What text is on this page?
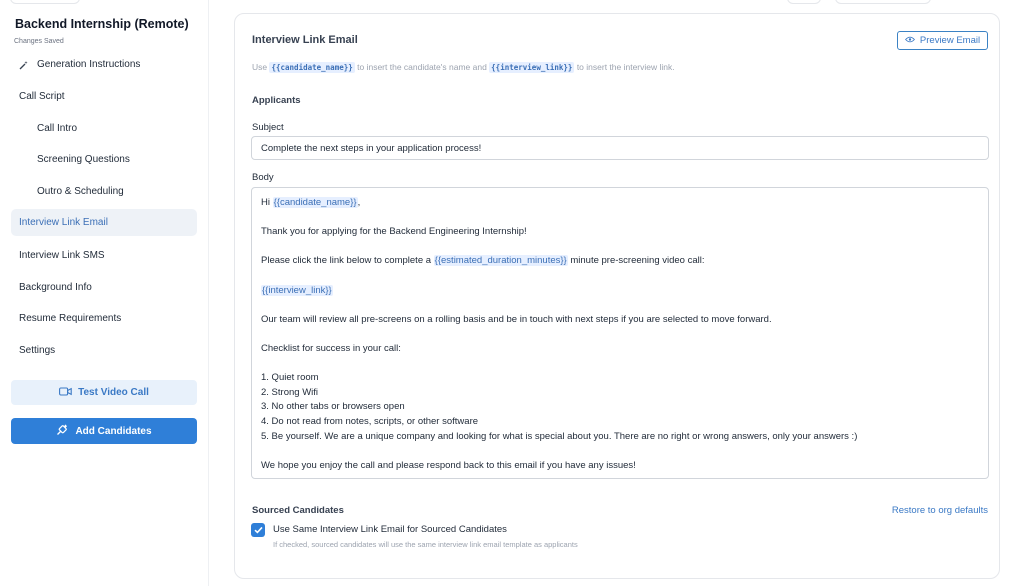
Backend Internship (Remote)
Changes Saved
Generation Instructions
Call Script
Call Intro
Screening Questions
Outro & Scheduling
Interview Link Email
Interview Link SMS
Background Info
Resume Requirements
Settings
Test Video Call
Add Candidates
Interview Link Email	Preview Email
Use {{candidate_name}} to insert the candidate's name and {{interview_link}} to insert the interview link.
Applicants
Subject
Complete the next steps in your application process!
Body
Hi {{candidate_name}},
Thank you for applying for the Backend Engineering Internship!
Please click the link below to complete a {{estimated_duration_minutes}} minute pre-screening video call:
{{interview_link}}
Our team will review all pre-screens on a rolling basis and be in touch with next steps if you are selected to move forward.
Checklist for success in your call:
1. Quiet room
2. Strong Wifi
3. No other tabs or browsers open
4. Do not read from notes, scripts, or other software
5. Be yourself. We are a unique company and looking for what is special about you. There are no right or wrong answers, only your answers :)
We hope you enjoy the call and please respond back to this email if you have any issues!
Sourced Candidates	Restore to org defaults
Use Same Interview Link Email for Sourced Candidates
If checked, sourced candidates will use the same interview link email template as applicants
